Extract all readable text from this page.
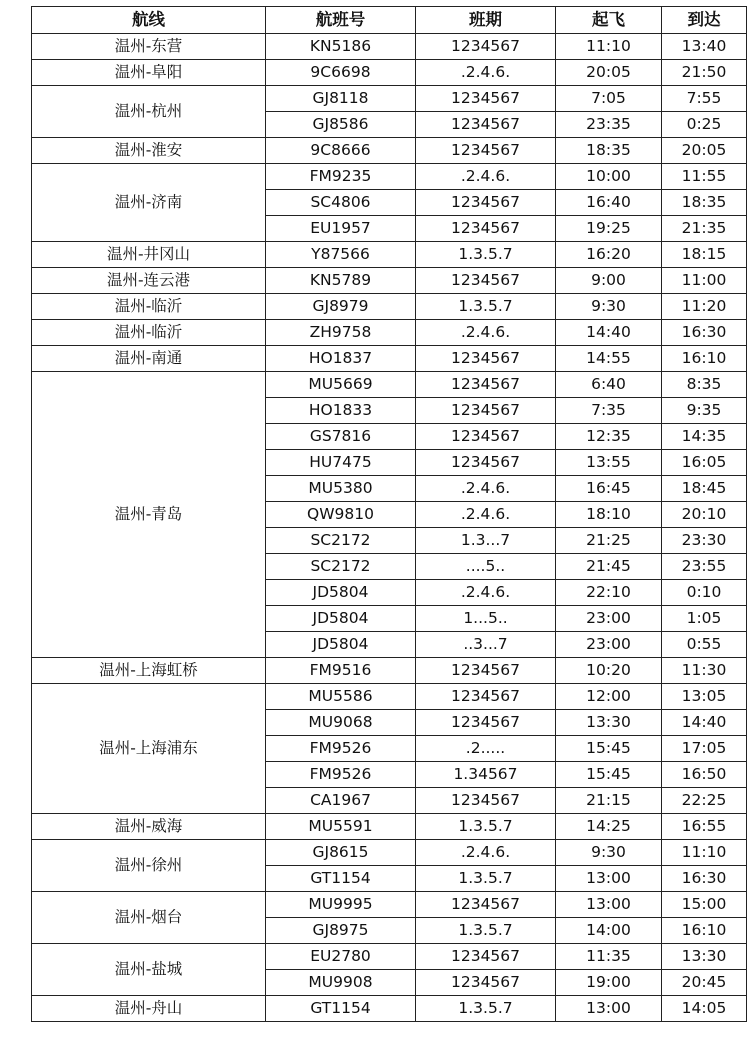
航线	航班号	班期	起飞	到达
温州-东营	KN5186	1234567	11:10	13:40
温州-阜阳	9C6698	.2.4.6.	20:05	21:50
温州-杭州	GJ8118	1234567	7:05	7:55
	GJ8586	1234567	23:35	0:25
温州-淮安	9C8666	1234567	18:35	20:05
温州-济南	FM9235	.2.4.6.	10:00	11:55
	SC4806	1234567	16:40	18:35
	EU1957	1234567	19:25	21:35
温州-井冈山	Y87566	1.3.5.7	16:20	18:15
温州-连云港	KN5789	1234567	9:00	11:00
温州-临沂	GJ8979	1.3.5.7	9:30	11:20
温州-临沂	ZH9758	.2.4.6.	14:40	16:30
温州-南通	HO1837	1234567	14:55	16:10
温州-青岛	MU5669	1234567	6:40	8:35
	HO1833	1234567	7:35	9:35
	GS7816	1234567	12:35	14:35
	HU7475	1234567	13:55	16:05
	MU5380	.2.4.6.	16:45	18:45
	QW9810	.2.4.6.	18:10	20:10
	SC2172	1.3...7	21:25	23:30
	SC2172	....5..	21:45	23:55
	JD5804	.2.4.6.	22:10	0:10
	JD5804	1...5..	23:00	1:05
	JD5804	..3...7	23:00	0:55
温州-上海虹桥	FM9516	1234567	10:20	11:30
温州-上海浦东	MU5586	1234567	12:00	13:05
	MU9068	1234567	13:30	14:40
	FM9526	.2.....	15:45	17:05
	FM9526	1.34567	15:45	16:50
	CA1967	1234567	21:15	22:25
温州-威海	MU5591	1.3.5.7	14:25	16:55
温州-徐州	GJ8615	.2.4.6.	9:30	11:10
	GT1154	1.3.5.7	13:00	16:30
温州-烟台	MU9995	1234567	13:00	15:00
	GJ8975	1.3.5.7	14:00	16:10
温州-盐城	EU2780	1234567	11:35	13:30
	MU9908	1234567	19:00	20:45
温州-舟山	GT1154	1.3.5.7	13:00	14:05
